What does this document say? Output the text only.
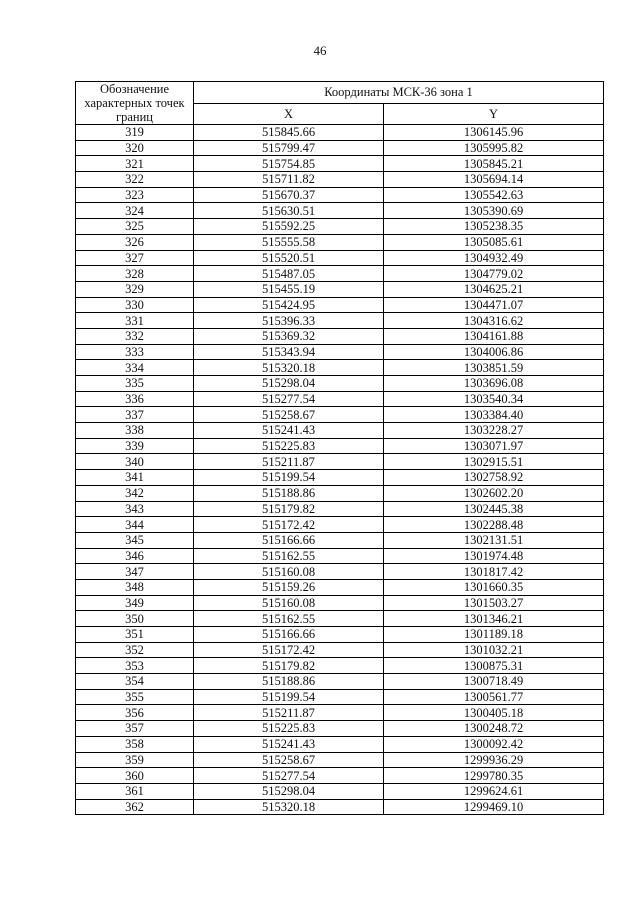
46
Обозначение характерных точек границ	Координаты МСК-36 зона 1	
	X	Y
319	515845.66	1306145.96
320	515799.47	1305995.82
321	515754.85	1305845.21
322	515711.82	1305694.14
323	515670.37	1305542.63
324	515630.51	1305390.69
325	515592.25	1305238.35
326	515555.58	1305085.61
327	515520.51	1304932.49
328	515487.05	1304779.02
329	515455.19	1304625.21
330	515424.95	1304471.07
331	515396.33	1304316.62
332	515369.32	1304161.88
333	515343.94	1304006.86
334	515320.18	1303851.59
335	515298.04	1303696.08
336	515277.54	1303540.34
337	515258.67	1303384.40
338	515241.43	1303228.27
339	515225.83	1303071.97
340	515211.87	1302915.51
341	515199.54	1302758.92
342	515188.86	1302602.20
343	515179.82	1302445.38
344	515172.42	1302288.48
345	515166.66	1302131.51
346	515162.55	1301974.48
347	515160.08	1301817.42
348	515159.26	1301660.35
349	515160.08	1301503.27
350	515162.55	1301346.21
351	515166.66	1301189.18
352	515172.42	1301032.21
353	515179.82	1300875.31
354	515188.86	1300718.49
355	515199.54	1300561.77
356	515211.87	1300405.18
357	515225.83	1300248.72
358	515241.43	1300092.42
359	515258.67	1299936.29
360	515277.54	1299780.35
361	515298.04	1299624.61
362	515320.18	1299469.10
